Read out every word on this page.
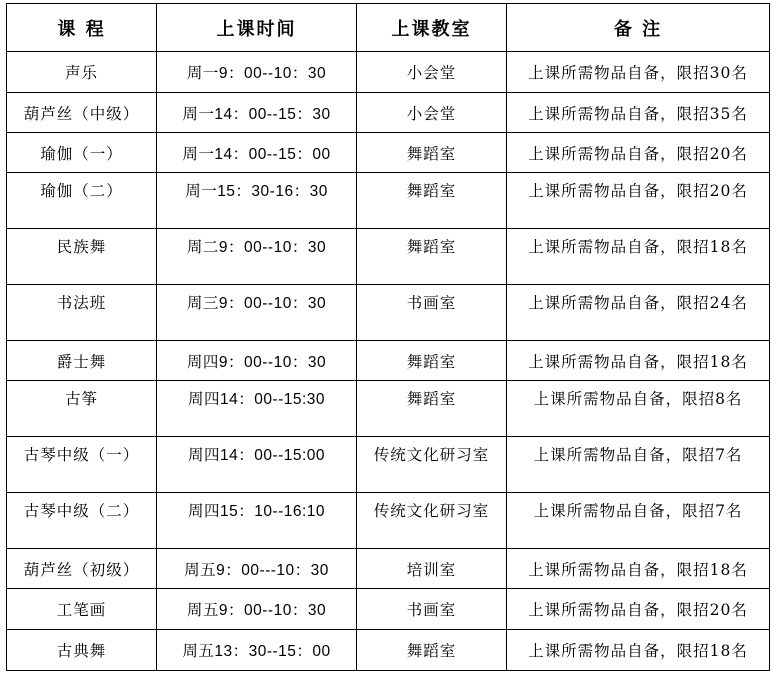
课 程	上课时间	上课教室	备 注
声乐	周一9：00--10：30	小会堂	上课所需物品自备，限招30名
葫芦丝（中级）	周一14：00--15：30	小会堂	上课所需物品自备，限招35名
瑜伽（一）	周一14：00--15：00	舞蹈室	上课所需物品自备，限招20名
瑜伽（二）	周一15：30-16：30	舞蹈室	上课所需物品自备，限招20名
民族舞	周二9：00--10：30	舞蹈室	上课所需物品自备，限招18名
书法班	周三9：00--10：30	书画室	上课所需物品自备，限招24名
爵士舞	周四9：00--10：30	舞蹈室	上课所需物品自备，限招18名
古筝	周四14：00--15:30	舞蹈室	上课所需物品自备，限招8名
古琴中级（一）	周四14：00--15:00	传统文化研习室	上课所需物品自备，限招7名
古琴中级（二）	周四15：10--16:10	传统文化研习室	上课所需物品自备，限招7名
葫芦丝（初级）	周五9：00---10：30	培训室	上课所需物品自备，限招18名
工笔画	周五9：00--10：30	书画室	上课所需物品自备，限招20名
古典舞	周五13：30--15：00	舞蹈室	上课所需物品自备，限招18名
